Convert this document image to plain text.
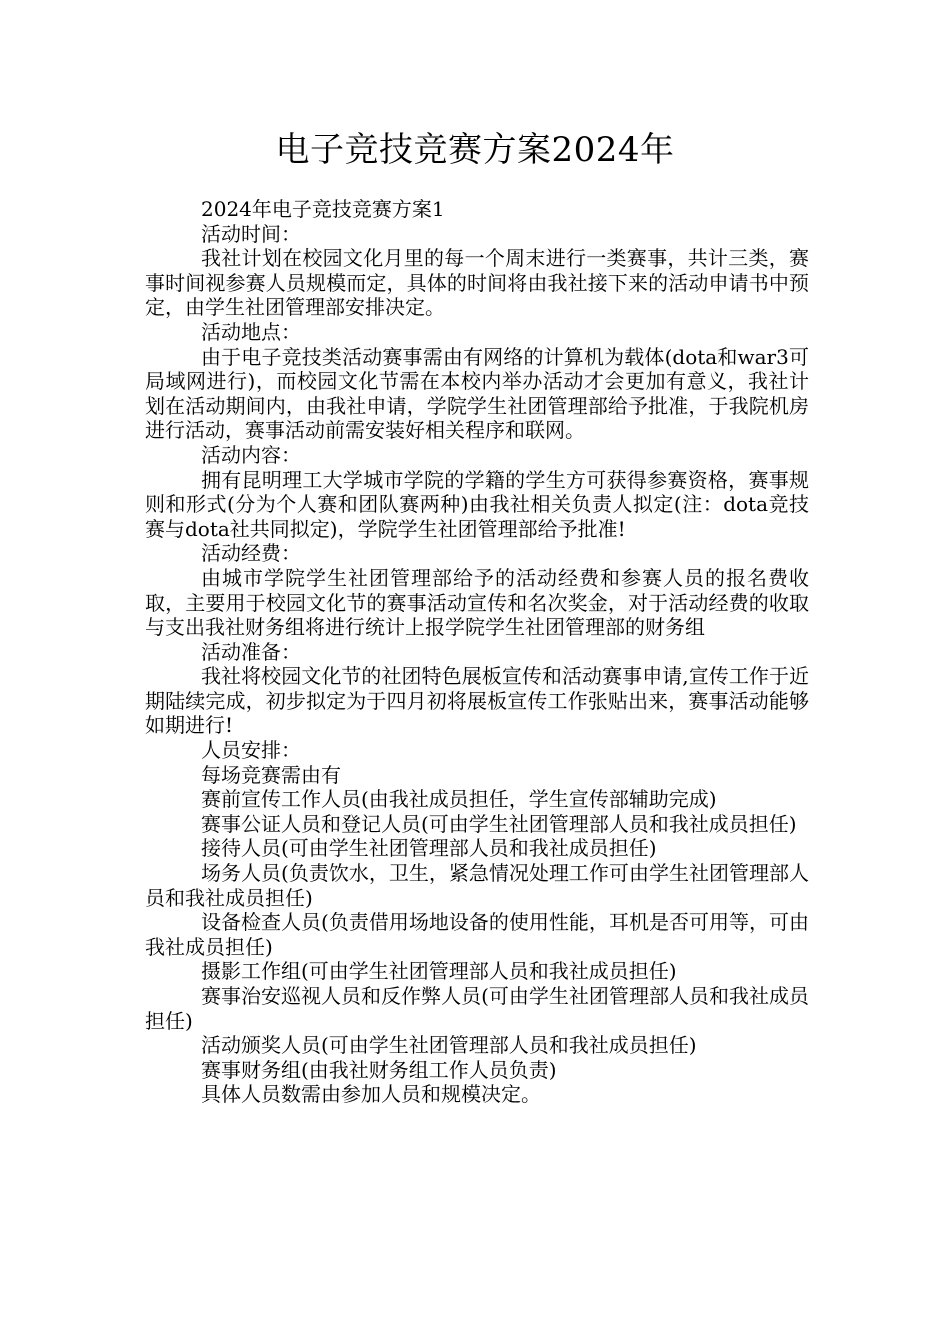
电子竞技竞赛方案2024年

2024年电子竞技竞赛方案1

活动时间：

我社计划在校园文化月里的每一个周末进行一类赛事，共计三类，赛事时间视参赛人员规模而定，具体的时间将由我社接下来的活动申请书中预定，由学生社团管理部安排决定。

活动地点：

由于电子竞技类活动赛事需由有网络的计算机为载体(dota和war3可局域网进行)，而校园文化节需在本校内举办活动才会更加有意义，我社计划在活动期间内，由我社申请，学院学生社团管理部给予批准，于我院机房进行活动，赛事活动前需安装好相关程序和联网。

活动内容：

拥有昆明理工大学城市学院的学籍的学生方可获得参赛资格，赛事规则和形式(分为个人赛和团队赛两种)由我社相关负责人拟定(注：dota竞技赛与dota社共同拟定)，学院学生社团管理部给予批准!

活动经费：

由城市学院学生社团管理部给予的活动经费和参赛人员的报名费收取，主要用于校园文化节的赛事活动宣传和名次奖金，对于活动经费的收取与支出我社财务组将进行统计上报学院学生社团管理部的财务组

活动准备：

我社将校园文化节的社团特色展板宣传和活动赛事申请,宣传工作于近期陆续完成，初步拟定为于四月初将展板宣传工作张贴出来，赛事活动能够如期进行!

人员安排：

每场竞赛需由有

赛前宣传工作人员(由我社成员担任，学生宣传部辅助完成)

赛事公证人员和登记人员(可由学生社团管理部人员和我社成员担任)

接待人员(可由学生社团管理部人员和我社成员担任)

场务人员(负责饮水，卫生，紧急情况处理工作可由学生社团管理部人员和我社成员担任)

设备检查人员(负责借用场地设备的使用性能，耳机是否可用等，可由我社成员担任)

摄影工作组(可由学生社团管理部人员和我社成员担任)

赛事治安巡视人员和反作弊人员(可由学生社团管理部人员和我社成员担任)

活动颁奖人员(可由学生社团管理部人员和我社成员担任)

赛事财务组(由我社财务组工作人员负责)

具体人员数需由参加人员和规模决定。
